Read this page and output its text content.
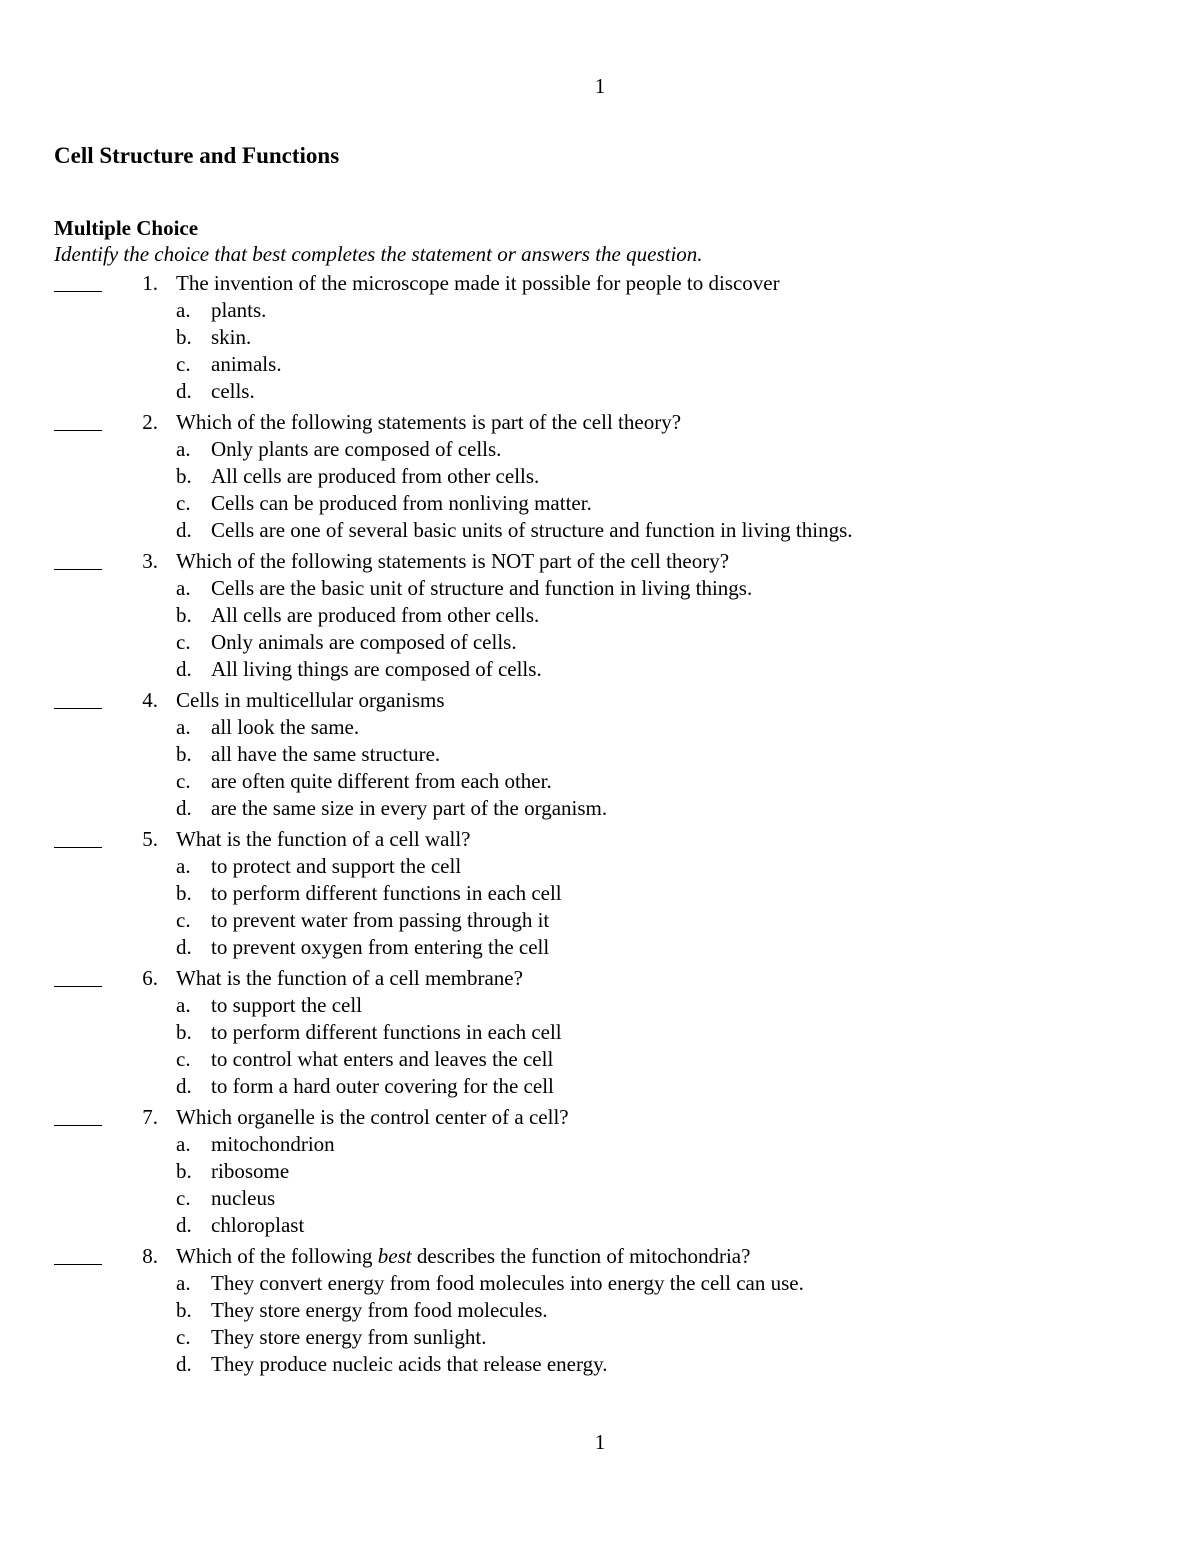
1
Cell Structure and Functions
Multiple Choice

Identify the choice that best completes the statement or answers the question.

1. The invention of the microscope made it possible for people to discover
a. plants.
b. skin.
c. animals.
d. cells.
2. Which of the following statements is part of the cell theory?
a. Only plants are composed of cells.
b. All cells are produced from other cells.
c. Cells can be produced from nonliving matter.
d. Cells are one of several basic units of structure and function in living things.
3. Which of the following statements is NOT part of the cell theory?
a. Cells are the basic unit of structure and function in living things.
b. All cells are produced from other cells.
c. Only animals are composed of cells.
d. All living things are composed of cells.
4. Cells in multicellular organisms
a. all look the same.
b. all have the same structure.
c. are often quite different from each other.
d. are the same size in every part of the organism.
5. What is the function of a cell wall?
a. to protect and support the cell
b. to perform different functions in each cell
c. to prevent water from passing through it
d. to prevent oxygen from entering the cell
6. What is the function of a cell membrane?
a. to support the cell
b. to perform different functions in each cell
c. to control what enters and leaves the cell
d. to form a hard outer covering for the cell
7. Which organelle is the control center of a cell?
a. mitochondrion
b. ribosome
c. nucleus
d. chloroplast
8. Which of the following best describes the function of mitochondria?
a. They convert energy from food molecules into energy the cell can use.
b. They store energy from food molecules.
c. They store energy from sunlight.
d. They produce nucleic acids that release energy.
1
